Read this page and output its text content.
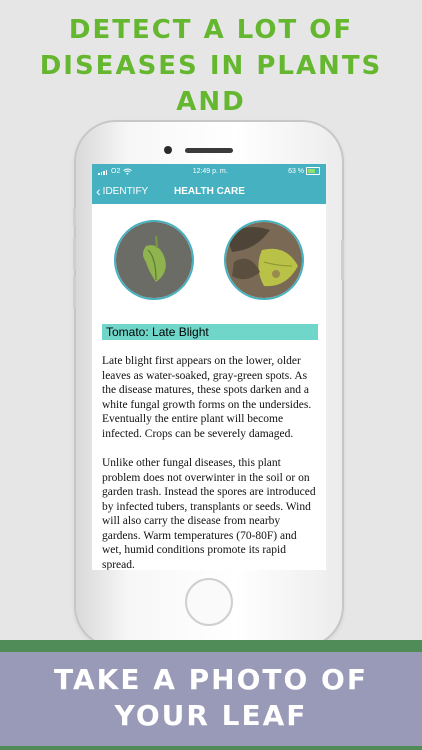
DETECT A LOT OF
DISEASES IN PLANTS AND
O2	12:49 p. m.	63 %
‹ IDENTIFY	HEALTH CARE
Tomato: Late Blight

Late blight first appears on the lower, older leaves as water-soaked, gray-green spots. As the disease matures, these spots darken and a white fungal growth forms on the undersides. Eventually the entire plant will become infected. Crops can be severely damaged.

Unlike other fungal diseases, this plant problem does not overwinter in the soil or on garden trash. Instead the spores are introduced by infected tubers, transplants or seeds. Wind will also carry the disease from nearby gardens. Warm temperatures (70-80F) and wet, humid conditions promote its rapid spread.

TAKE A PHOTO OF
YOUR LEAF
